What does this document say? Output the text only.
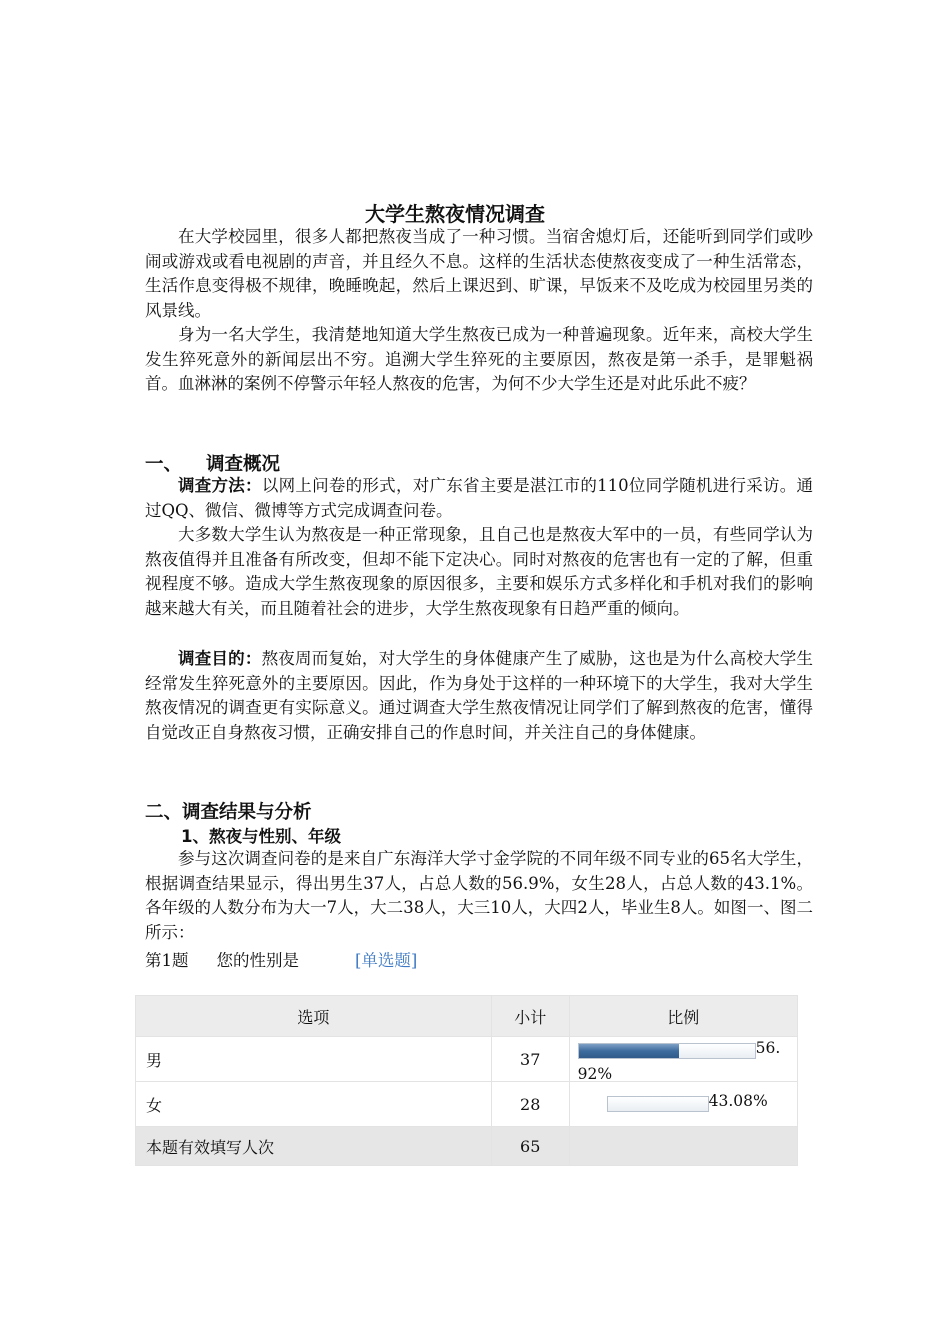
大学生熬夜情况调查

在大学校园里，很多人都把熬夜当成了一种习惯。当宿舍熄灯后，还能听到同学们或吵闹或游戏或看电视剧的声音，并且经久不息。这样的生活状态使熬夜变成了一种生活常态，生活作息变得极不规律，晚睡晚起，然后上课迟到、旷课，早饭来不及吃成为校园里另类的风景线。

身为一名大学生，我清楚地知道大学生熬夜已成为一种普遍现象。近年来，高校大学生发生猝死意外的新闻层出不穷。追溯大学生猝死的主要原因，熬夜是第一杀手，是罪魁祸首。血淋淋的案例不停警示年轻人熬夜的危害，为何不少大学生还是对此乐此不疲？

一、 调查概况

调查方法：以网上问卷的形式，对广东省主要是湛江市的110位同学随机进行采访。通过QQ、微信、微博等方式完成调查问卷。

大多数大学生认为熬夜是一种正常现象，且自己也是熬夜大军中的一员，有些同学认为熬夜值得并且准备有所改变，但却不能下定决心。同时对熬夜的危害也有一定的了解，但重视程度不够。造成大学生熬夜现象的原因很多，主要和娱乐方式多样化和手机对我们的影响越来越大有关，而且随着社会的进步，大学生熬夜现象有日趋严重的倾向。

调查目的：熬夜周而复始，对大学生的身体健康产生了威胁，这也是为什么高校大学生经常发生猝死意外的主要原因。因此，作为身处于这样的一种环境下的大学生，我对大学生熬夜情况的调查更有实际意义。通过调查大学生熬夜情况让同学们了解到熬夜的危害，懂得自觉改正自身熬夜习惯，正确安排自己的作息时间，并关注自己的身体健康。

二、调查结果与分析
1、熬夜与性别、年级

参与这次调查问卷的是来自广东海洋大学寸金学院的不同年级不同专业的65名大学生，根据调查结果显示，得出男生37人，占总人数的56.9%，女生28人，占总人数的43.1%。各年级的人数分布为大一7人，大二38人，大三10人，大四2人，毕业生8人。如图一、图二所示：

第1题 您的性别是	[单选题]
选项	小计	比例
男	37	56.
92%

女	28	43.08%

本题有效填写人次	65	
